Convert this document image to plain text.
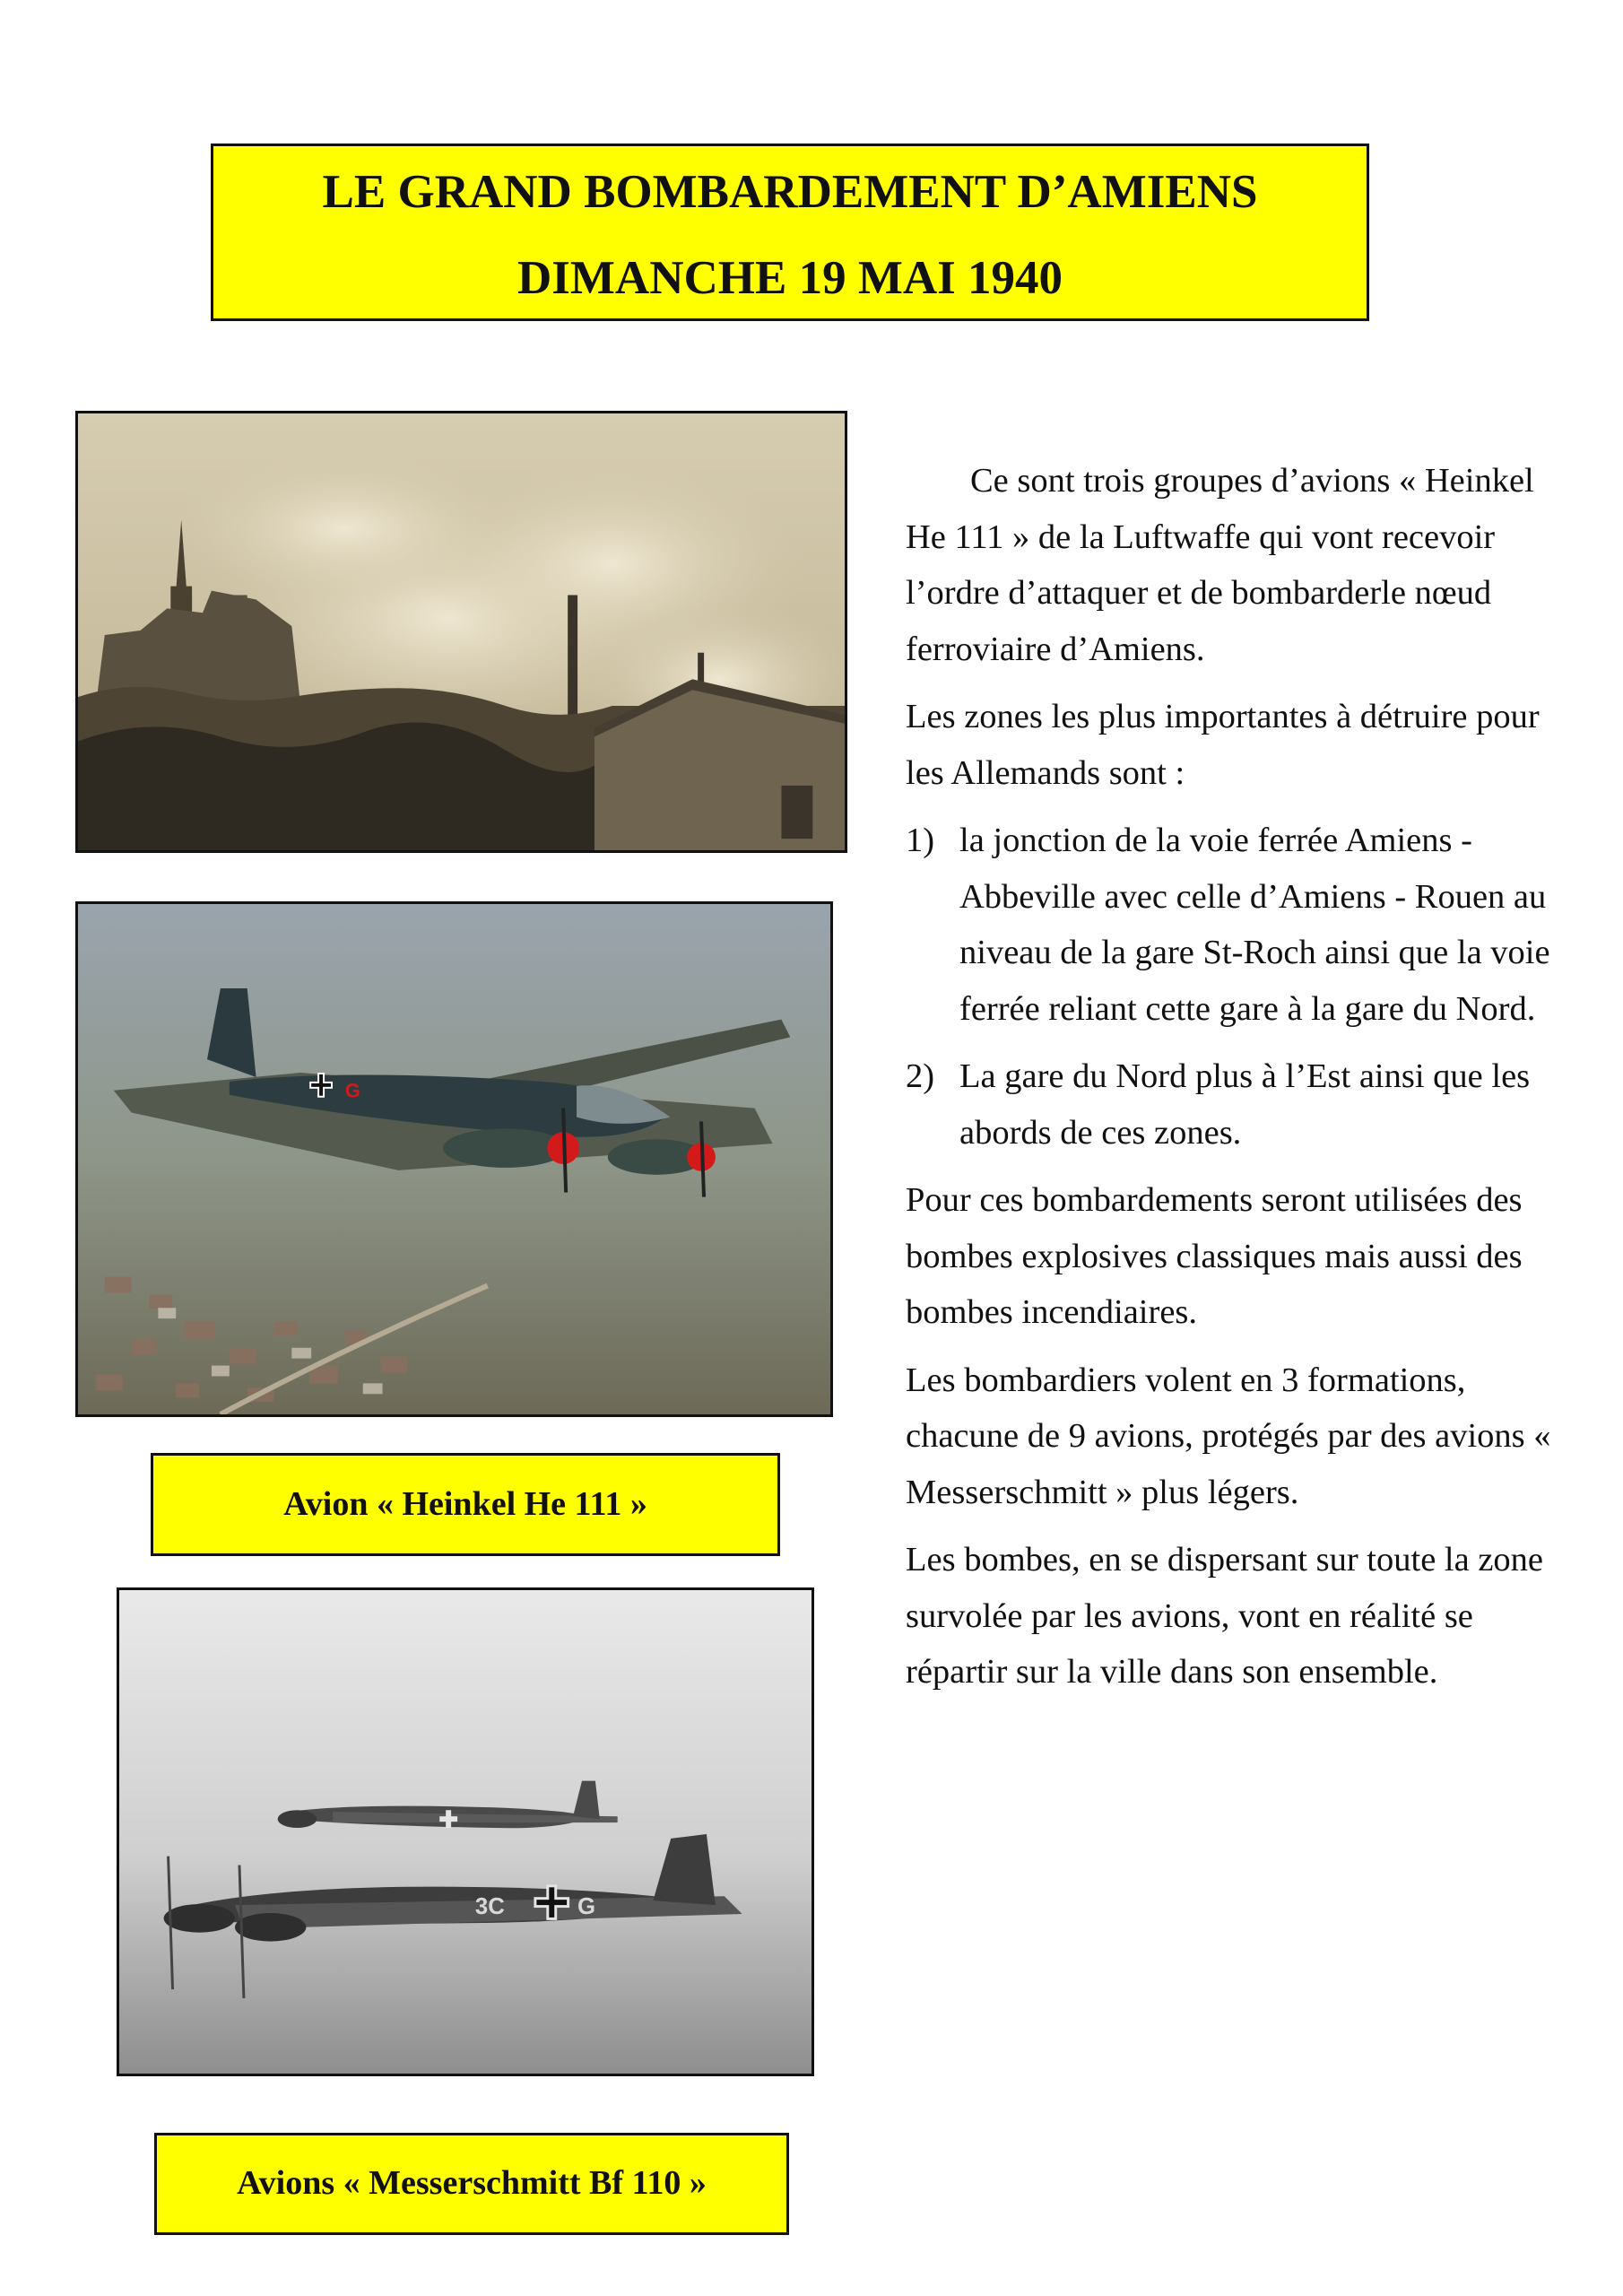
LE GRAND BOMBARDEMENT D’AMIENS
DIMANCHE 19 MAI 1940
G
Avion « Heinkel He 111 »
3C	G
Avions « Messerschmitt Bf 110 »

Ce sont trois groupes d’avions « Heinkel He 111 » de la Luftwaffe qui vont recevoir l’ordre d’attaquer et de bombarderle nœud ferroviaire d’Amiens.

Les zones les plus importantes à détruire pour les Allemands sont :

1) la jonction de la voie ferrée Amiens -Abbeville avec celle d’Amiens - Rouen au niveau de la gare St-Roch ainsi que la voie ferrée reliant cette gare à la gare du Nord.
2) La gare du Nord plus à l’Est ainsi que les abords de ces zones.

Pour ces bombardements seront utilisées des bombes explosives classiques mais aussi des bombes incendiaires.

Les bombardiers volent en 3 formations, chacune de 9 avions, protégés par des avions « Messerschmitt » plus légers.

Les bombes, en se dispersant sur toute la zone survolée par les avions, vont en réalité se répartir sur la ville dans son ensemble.
